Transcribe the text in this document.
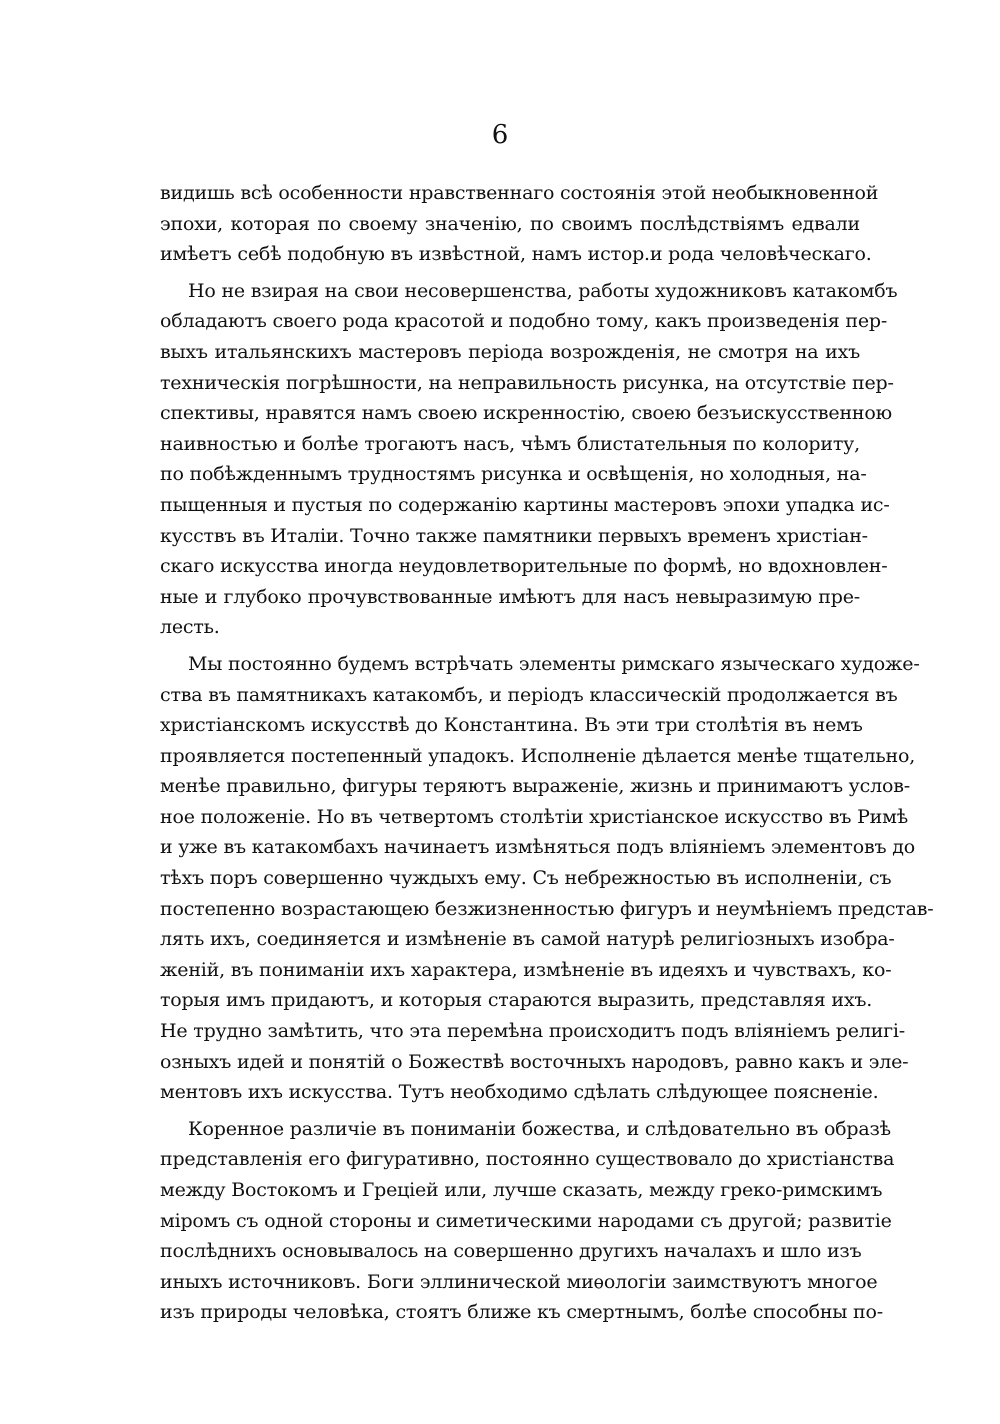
6
видишь всѣ особенности нравственнаго состоянія этой необыкновенной
эпохи, которая по своему значенію, по своимъ послѣдствіямъ едвали
имѣетъ себѣ подобную въ извѣстной, намъ истор.и рода человѣческаго.
Но не взирая на свои несовершенства, работы художниковъ катакомбъ
обладаютъ своего рода красотой и подобно тому, какъ произведенія пер-
выхъ итальянскихъ мастеровъ періода возрожденія, не смотря на ихъ
техническія погрѣшности, на неправильность рисунка, на отсутствіе пер-
спективы, нравятся намъ своею искренностію, своею безъискусственною
наивностью и болѣе трогаютъ насъ, чѣмъ блистательныя по колориту,
по побѣжденнымъ трудностямъ рисунка и освѣщенія, но холодныя, на-
пыщенныя и пустыя по содержанію картины мастеровъ эпохи упадка ис-
кусствъ въ Италіи. Точно также памятники первыхъ временъ христіан-
скаго искусства иногда неудовлетворительные по формѣ, но вдохновлен-
ные и глубоко прочувствованные имѣютъ для насъ невыразимую пре-
лесть.
Мы постоянно будемъ встрѣчать элементы римскаго языческаго художе-
ства въ памятникахъ катакомбъ, и періодъ классическій продолжается въ
христіанскомъ искусствѣ до Константина. Въ эти три столѣтія въ немъ
проявляется постепенный упадокъ. Исполненіе дѣлается менѣе тщательно,
менѣе правильно, фигуры теряютъ выраженіе, жизнь и принимаютъ услов-
ное положеніе. Но въ четвертомъ столѣтіи христіанское искусство въ Римѣ
и уже въ катакомбахъ начинаетъ измѣняться подъ вліяніемъ элементовъ до
тѣхъ поръ совершенно чуждыхъ ему. Съ небрежностью въ исполненіи, съ
постепенно возрастающею безжизненностью фигуръ и неумѣніемъ представ-
лять ихъ, соединяется и измѣненіе въ самой натурѣ религіозныхъ изобра-
женій, въ пониманіи ихъ характера, измѣненіе въ идеяхъ и чувствахъ, ко-
торыя имъ придаютъ, и которыя стараются выразить, представляя ихъ.
Не трудно замѣтить, что эта перемѣна происходитъ подъ вліяніемъ религі-
озныхъ идей и понятій о Божествѣ восточныхъ народовъ, равно какъ и эле-
ментовъ ихъ искусства. Тутъ необходимо сдѣлать слѣдующее поясненіе.
Коренное различіе въ пониманіи божества, и слѣдовательно въ образѣ
представленія его фигуративно, постоянно существовало до христіанства
между Востокомъ и Греціей или, лучше сказать, между греко-римскимъ
міромъ съ одной стороны и симетическими народами съ другой; развитіе
послѣднихъ основывалось на совершенно другихъ началахъ и шло изъ
иныхъ источниковъ. Боги эллинической миѳологіи заимствуютъ многое
изъ природы человѣка, стоятъ ближе къ смертнымъ, болѣе способны по-
